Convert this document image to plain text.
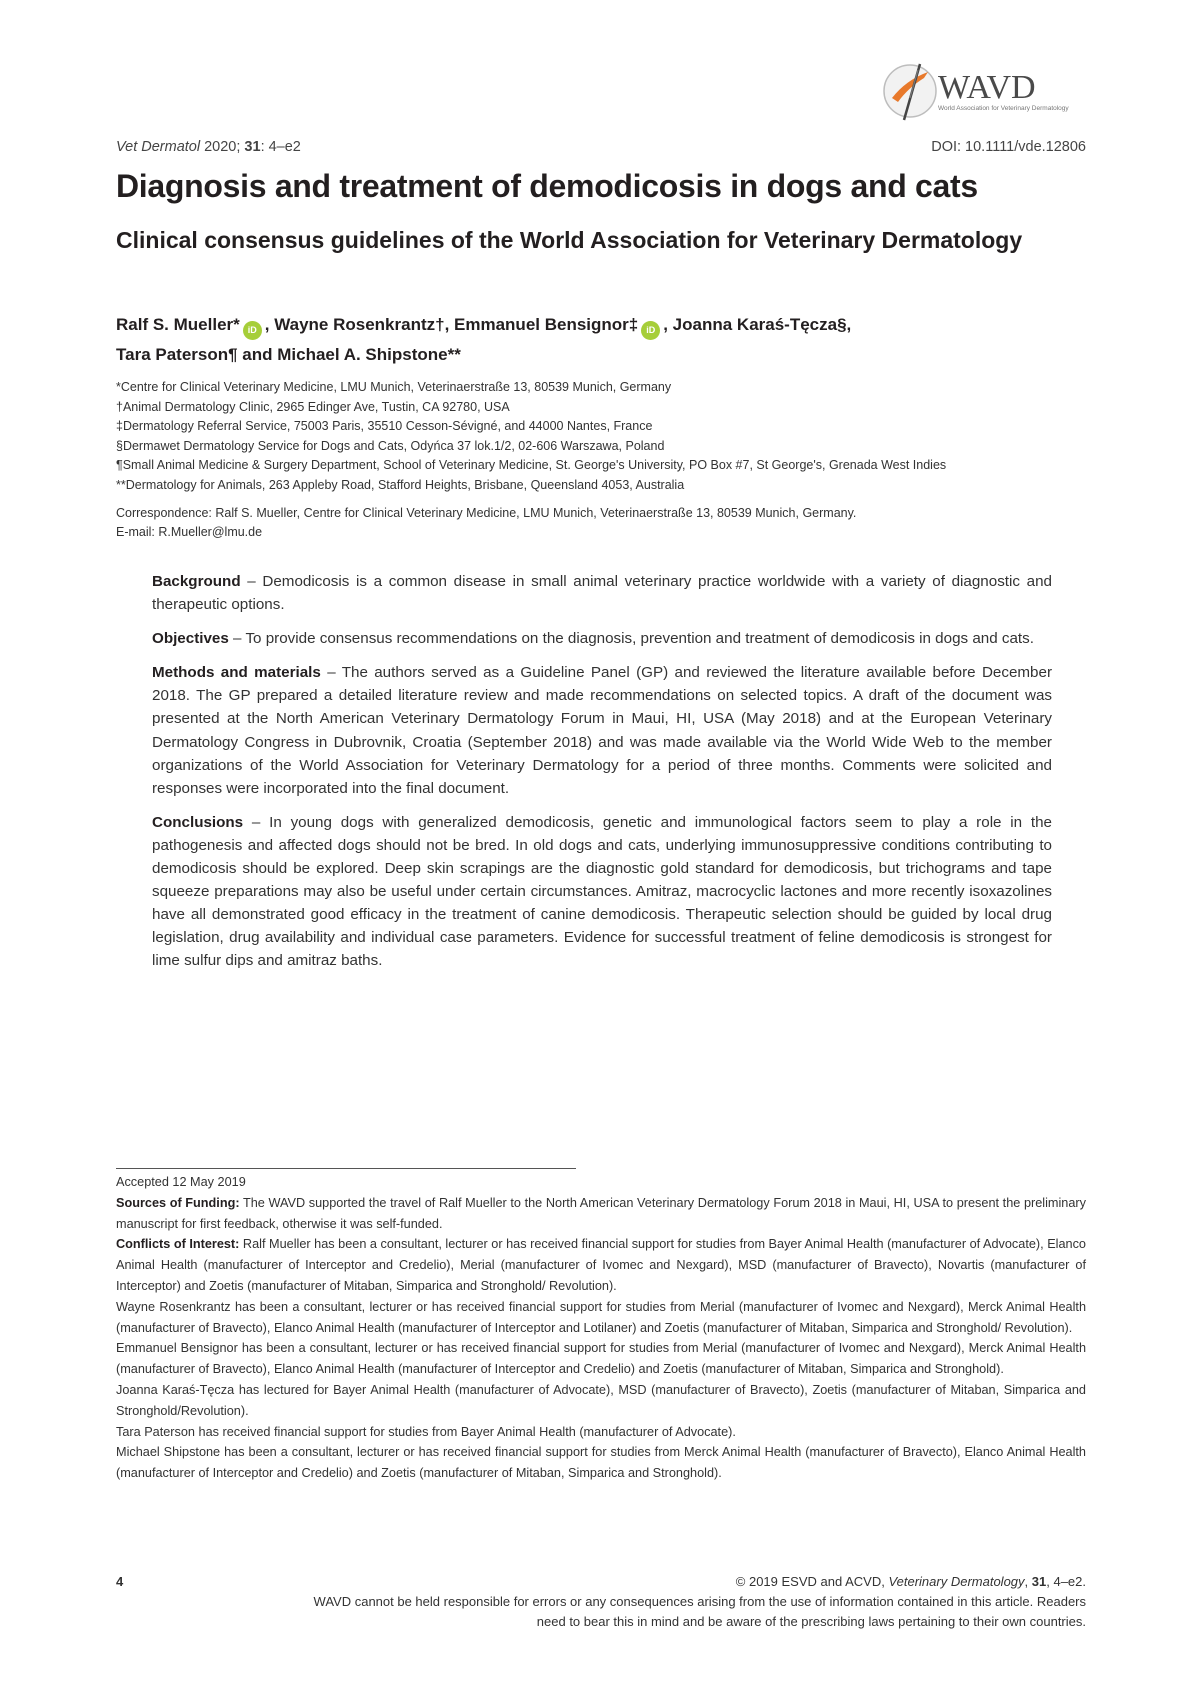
WAVD
World Association for Veterinary Dermatology
Vet Dermatol 2020; 31: 4–e2	DOI: 10.1111/vde.12806
Diagnosis and treatment of demodicosis in dogs and cats
Clinical consensus guidelines of the World Association for Veterinary Dermatology
Ralf S. Mueller* iD , Wayne Rosenkrantz†, Emmanuel Bensignor‡ iD , Joanna Karaś-Tęcza§,
Tara Paterson¶ and Michael A. Shipstone**
*Centre for Clinical Veterinary Medicine, LMU Munich, Veterinaerstraße 13, 80539 Munich, Germany
†Animal Dermatology Clinic, 2965 Edinger Ave, Tustin, CA 92780, USA
‡Dermatology Referral Service, 75003 Paris, 35510 Cesson-Sévigné, and 44000 Nantes, France
§Dermawet Dermatology Service for Dogs and Cats, Odyńca 37 lok.1/2, 02-606 Warszawa, Poland
¶Small Animal Medicine & Surgery Department, School of Veterinary Medicine, St. George's University, PO Box #7, St George's, Grenada West Indies
**Dermatology for Animals, 263 Appleby Road, Stafford Heights, Brisbane, Queensland 4053, Australia
Correspondence: Ralf S. Mueller, Centre for Clinical Veterinary Medicine, LMU Munich, Veterinaerstraße 13, 80539 Munich, Germany.
E-mail: R.Mueller@lmu.de

Background – Demodicosis is a common disease in small animal veterinary practice worldwide with a variety of diagnostic and therapeutic options.

Objectives – To provide consensus recommendations on the diagnosis, prevention and treatment of demodicosis in dogs and cats.

Methods and materials – The authors served as a Guideline Panel (GP) and reviewed the literature available before December 2018. The GP prepared a detailed literature review and made recommendations on selected topics. A draft of the document was presented at the North American Veterinary Dermatology Forum in Maui, HI, USA (May 2018) and at the European Veterinary Dermatology Congress in Dubrovnik, Croatia (September 2018) and was made available via the World Wide Web to the member organizations of the World Association for Veterinary Dermatology for a period of three months. Comments were solicited and responses were incorporated into the final document.

Conclusions – In young dogs with generalized demodicosis, genetic and immunological factors seem to play a role in the pathogenesis and affected dogs should not be bred. In old dogs and cats, underlying immunosuppressive conditions contributing to demodicosis should be explored. Deep skin scrapings are the diagnostic gold standard for demodicosis, but trichograms and tape squeeze preparations may also be useful under certain circumstances. Amitraz, macrocyclic lactones and more recently isoxazolines have all demonstrated good efficacy in the treatment of canine demodicosis. Therapeutic selection should be guided by local drug legislation, drug availability and individual case parameters. Evidence for successful treatment of feline demodicosis is strongest for lime sulfur dips and amitraz baths.

Accepted 12 May 2019

Sources of Funding: The WAVD supported the travel of Ralf Mueller to the North American Veterinary Dermatology Forum 2018 in Maui, HI, USA to present the preliminary manuscript for first feedback, otherwise it was self-funded.

Conflicts of Interest: Ralf Mueller has been a consultant, lecturer or has received financial support for studies from Bayer Animal Health (manufacturer of Advocate), Elanco Animal Health (manufacturer of Interceptor and Credelio), Merial (manufacturer of Ivomec and Nexgard), MSD (manufacturer of Bravecto), Novartis (manufacturer of Interceptor) and Zoetis (manufacturer of Mitaban, Simparica and Stronghold/ Revolution).

Wayne Rosenkrantz has been a consultant, lecturer or has received financial support for studies from Merial (manufacturer of Ivomec and Nexgard), Merck Animal Health (manufacturer of Bravecto), Elanco Animal Health (manufacturer of Interceptor and Lotilaner) and Zoetis (manufacturer of Mitaban, Simparica and Stronghold/ Revolution).

Emmanuel Bensignor has been a consultant, lecturer or has received financial support for studies from Merial (manufacturer of Ivomec and Nexgard), Merck Animal Health (manufacturer of Bravecto), Elanco Animal Health (manufacturer of Interceptor and Credelio) and Zoetis (manufacturer of Mitaban, Simparica and Stronghold).

Joanna Karaś-Tęcza has lectured for Bayer Animal Health (manufacturer of Advocate), MSD (manufacturer of Bravecto), Zoetis (manufacturer of Mitaban, Simparica and Stronghold/Revolution).

Tara Paterson has received financial support for studies from Bayer Animal Health (manufacturer of Advocate).

Michael Shipstone has been a consultant, lecturer or has received financial support for studies from Merck Animal Health (manufacturer of Bravecto), Elanco Animal Health (manufacturer of Interceptor and Credelio) and Zoetis (manufacturer of Mitaban, Simparica and Stronghold).

4	© 2019 ESVD and ACVD, Veterinary Dermatology, 31, 4–e2.
WAVD cannot be held responsible for errors or any consequences arising from the use of information contained in this article. Readers
need to bear this in mind and be aware of the prescribing laws pertaining to their own countries.
